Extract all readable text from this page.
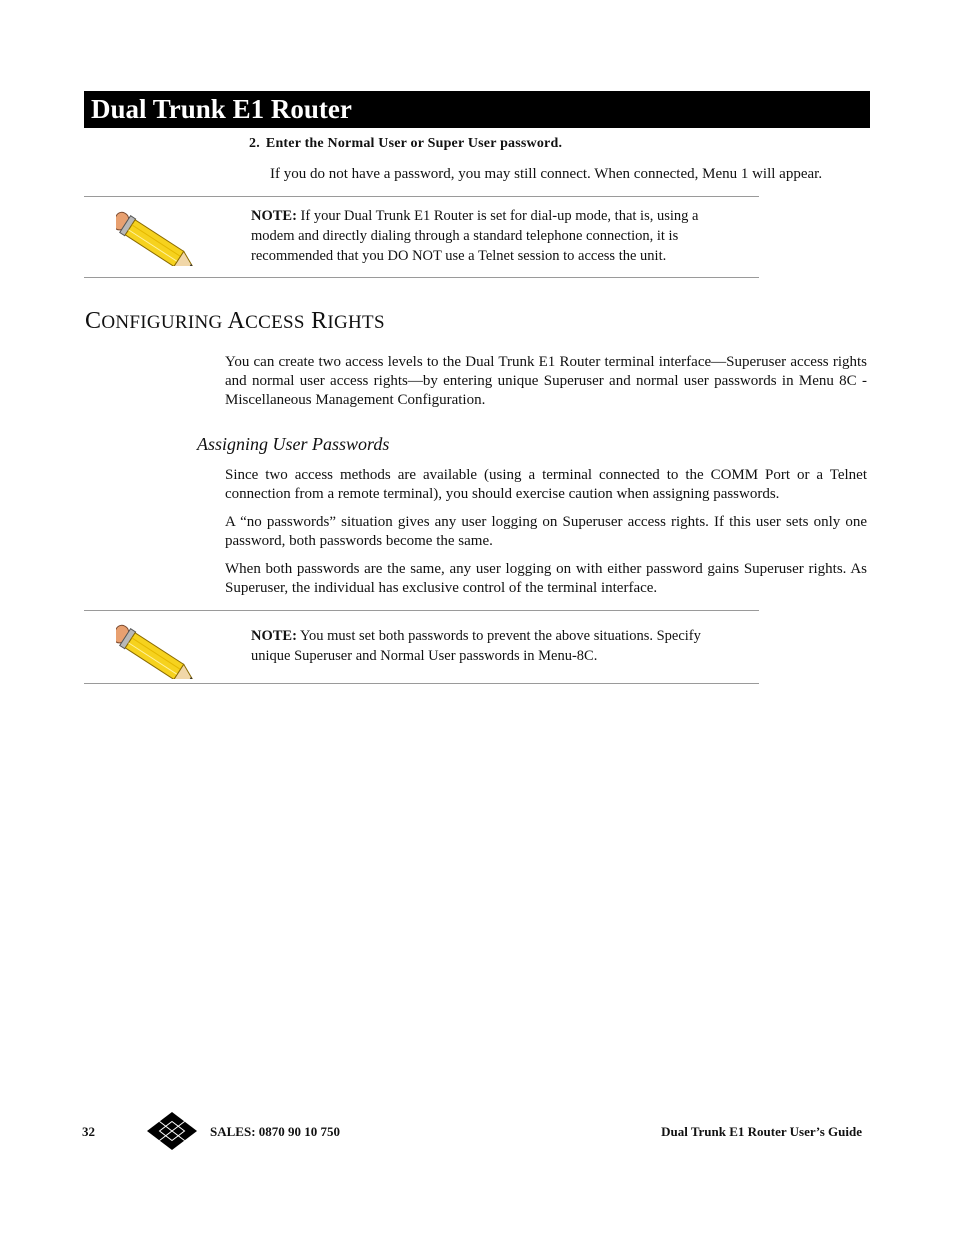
Dual Trunk E1 Router
2. Enter the Normal User or Super User password.
If you do not have a password, you may still connect. When connected, Menu 1 will appear.
NOTE: If your Dual Trunk E1 Router is set for dial-up mode, that is, using a
modem and directly dialing through a standard telephone connection, it is
recommended that you DO NOT use a Telnet session to access the unit.
CONFIGURING ACCESS RIGHTS
You can create two access levels to the Dual Trunk E1 Router terminal interface—Superuser access rights and normal user access rights—by entering unique Superuser and normal user passwords in Menu 8C - Miscellaneous Management Configuration.
Assigning User Passwords
Since two access methods are available (using a terminal connected to the COMM Port or a Telnet connection from a remote terminal), you should exercise caution when assigning passwords.
A “no passwords” situation gives any user logging on Superuser access rights. If this user sets only one password, both passwords become the same.
When both passwords are the same, any user logging on with either password gains Superuser rights. As Superuser, the individual has exclusive control of the terminal interface.
NOTE: You must set both passwords to prevent the above situations. Specify
unique Superuser and Normal User passwords in Menu-8C.
32	SALES: 0870 90 10 750	Dual Trunk E1 Router User’s Guide
